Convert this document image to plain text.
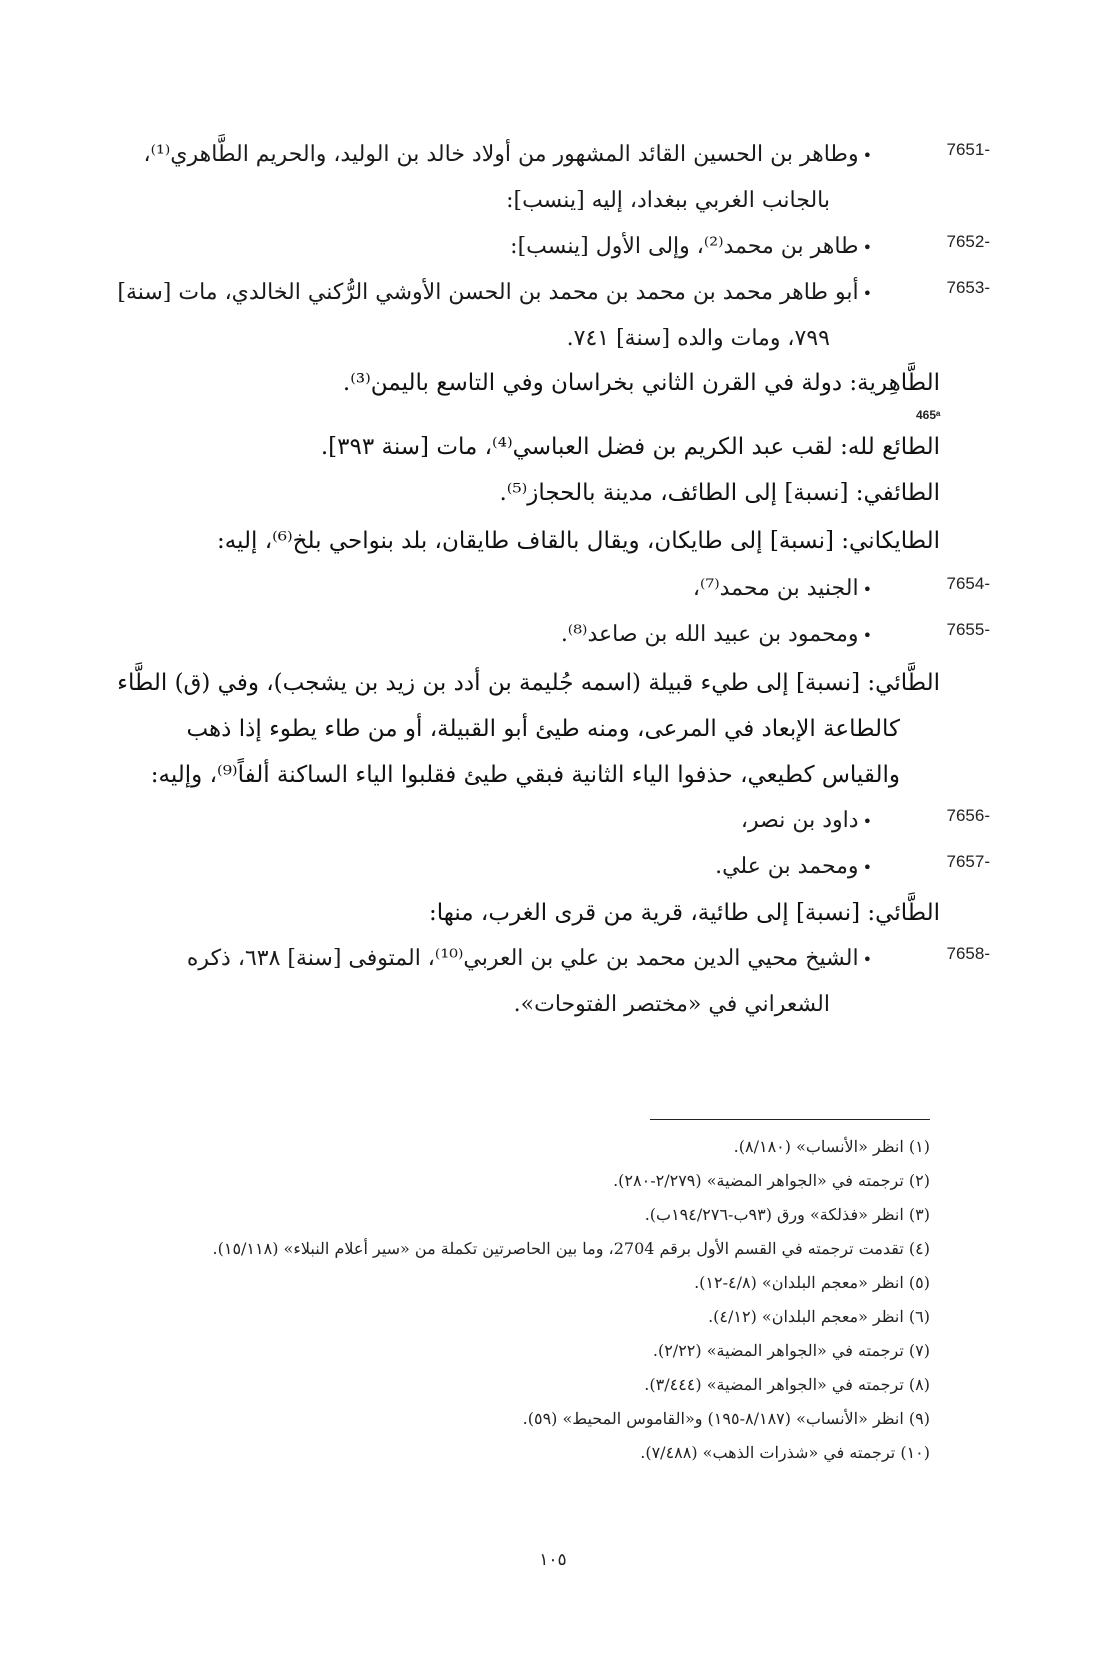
7651-
•وطاهر بن الحسين القائد المشهور من أولاد خالد بن الوليد، والحريم الطَّاهري⁽¹⁾،
بالجانب الغربي ببغداد، إليه [ينسب]:
7652-
•طاهر بن محمد⁽²⁾، وإلى الأول [ينسب]:
7653-
•أبو طاهر محمد بن محمد بن محمد بن الحسن الأوشي الرُّكني الخالدي، مات [سنة]
٧٩٩، ومات والده [سنة] ٧٤١.
الطَّاهِرية: دولة في القرن الثاني بخراسان وفي التاسع باليمن⁽³⁾.
465ᵃ
الطائع لله: لقب عبد الكريم بن فضل العباسي⁽⁴⁾، مات [سنة ٣٩٣].
الطائفي: [نسبة] إلى الطائف، مدينة بالحجاز⁽⁵⁾.
الطايكاني: [نسبة] إلى طايكان، ويقال بالقاف طايقان، بلد بنواحي بلخ⁽⁶⁾، إليه:
7654-
•الجنيد بن محمد⁽⁷⁾،
7655-
•ومحمود بن عبيد الله بن صاعد⁽⁸⁾.
الطَّائي: [نسبة] إلى طيء قبيلة (اسمه جُليمة بن أدد بن زيد بن يشجب)، وفي (ق) الطَّاء
كالطاعة الإبعاد في المرعى، ومنه طيئ أبو القبيلة، أو من طاء يطوء إذا ذهب
والقياس كطيعي، حذفوا الياء الثانية فبقي طيئ فقلبوا الياء الساكنة ألفاً⁽⁹⁾، وإليه:
7656-
•داود بن نصر،
7657-
•ومحمد بن علي.
الطَّائي: [نسبة] إلى طائية، قرية من قرى الغرب، منها:
7658-
•الشيخ محيي الدين محمد بن علي بن العربي⁽¹⁰⁾، المتوفى [سنة] ٦٣٨، ذكره
الشعراني في «مختصر الفتوحات».
(١) انظر «الأنساب» (٨/١٨٠).
(٢) ترجمته في «الجواهر المضية» (٢/٢٧٩-٢٨٠).
(٣) انظر «فذلكة» ورق (٩٣ب-١٩٤/٢٧٦ب).
(٤) تقدمت ترجمته في القسم الأول برقم 2704، وما بين الحاصرتين تكملة من «سير أعلام النبلاء» (١٥/١١٨).
(٥) انظر «معجم البلدان» (٤/٨-١٢).
(٦) انظر «معجم البلدان» (٤/١٢).
(٧) ترجمته في «الجواهر المضية» (٢/٢٢).
(٨) ترجمته في «الجواهر المضية» (٣/٤٤٤).
(٩) انظر «الأنساب» (٨/١٨٧-١٩٥) و«القاموس المحيط» (٥٩).
(١٠) ترجمته في «شذرات الذهب» (٧/٤٨٨).
١٠٥
